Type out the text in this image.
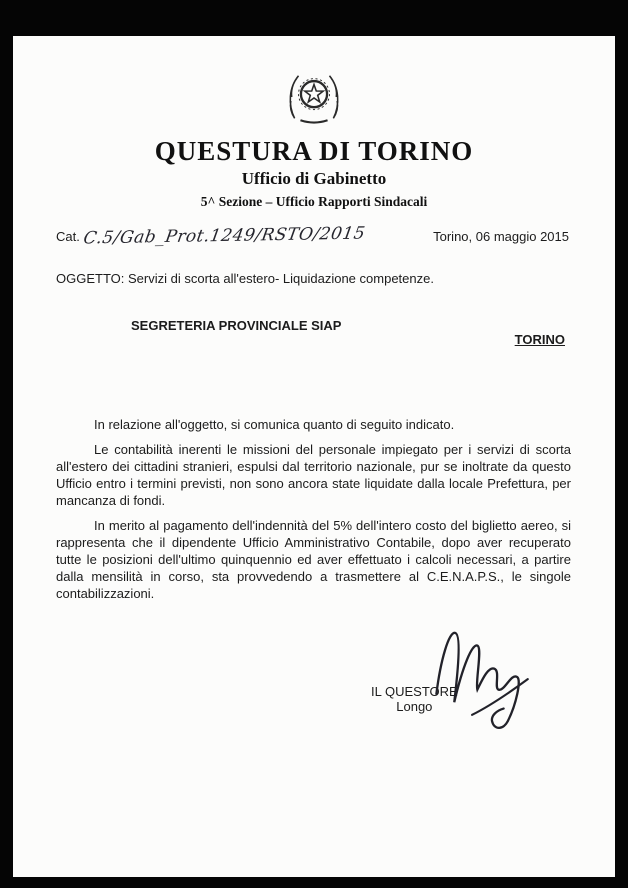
QUESTURA DI TORINO
Ufficio di Gabinetto
5^ Sezione – Ufficio Rapporti Sindacali
Cat. C.5/Gab_Prot.1249/RSTO/2015	Torino, 06 maggio 2015
OGGETTO: Servizi di scorta all'estero- Liquidazione competenze.
SEGRETERIA PROVINCIALE SIAP
TORINO

In relazione all'oggetto, si comunica quanto di seguito indicato.

Le contabilità inerenti le missioni del personale impiegato per i servizi di scorta all'estero dei cittadini stranieri, espulsi dal territorio nazionale, pur se inoltrate da questo Ufficio entro i termini previsti, non sono ancora state liquidate dalla locale Prefettura, per mancanza di fondi.

In merito al pagamento dell'indennità del 5% dell'intero costo del biglietto aereo, si rappresenta che il dipendente Ufficio Amministrativo Contabile, dopo aver recuperato tutte le posizioni dell'ultimo quinquennio ed aver effettuato i calcoli necessari, a partire dalla mensilità in corso, sta provvedendo a trasmettere al C.E.N.A.P.S., le singole contabilizzazioni.

IL QUESTORE
Longo
